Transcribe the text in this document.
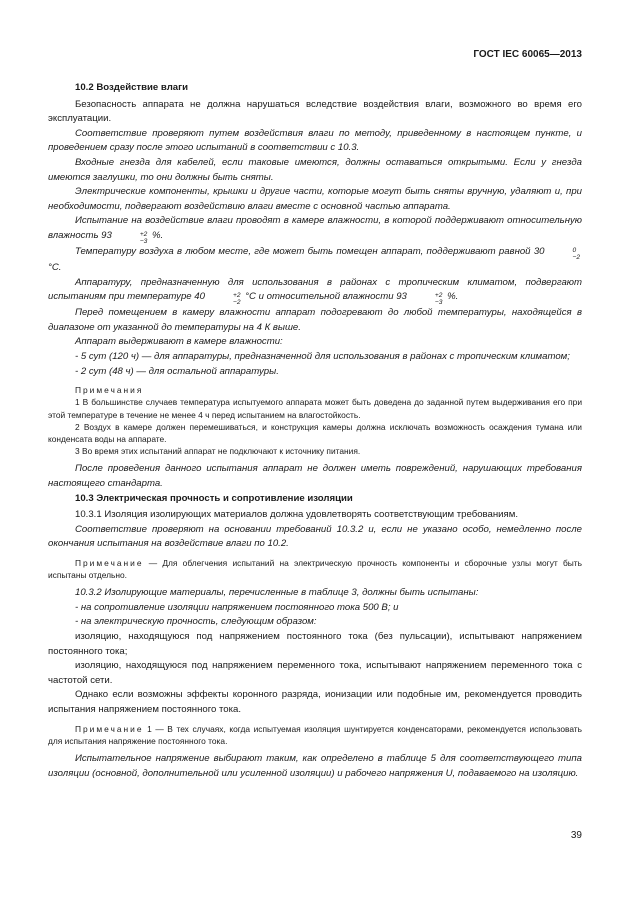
ГОСТ IEC 60065—2013

10.2 Воздействие влаги

Безопасность аппарата не должна нарушаться вследствие воздействия влаги, возможного во время его эксплуатации.

Соответствие проверяют путем воздействия влаги по методу, приведенному в настоящем пункте, и проведением сразу после этого испытаний в соответствии с 10.3.

Входные гнезда для кабелей, если таковые имеются, должны оставаться открытыми. Если у гнезда имеются заглушки, то они должны быть сняты.

Электрические компоненты, крышки и другие части, которые могут быть сняты вручную, удаляют и, при необходимости, подвергают воздействию влаги вместе с основной частью аппарата.

Испытание на воздействие влаги проводят в камере влажности, в которой поддерживают относительную влажность 93	+2
−3
%.

Температуру воздуха в любом месте, где может быть помещен аппарат, поддерживают равной 30	0
−2
°С.

Аппаратуру, предназначенную для использования в районах с тропическим климатом, подвергают испытаниям при температуре 40	+2
−2
°С и относительной влажности 93	+2
−3
%.

Перед помещением в камеру влажности аппарат подогревают до любой температуры, находящейся в диапазоне от указанной до температуры на 4 К выше.

Аппарат выдерживают в камере влажности:

- 5 сут (120 ч) — для аппаратуры, предназначенной для использования в районах с тропическим климатом;

- 2 сут (48 ч) — для остальной аппаратуры.

Примечания

1 В большинстве случаев температура испытуемого аппарата может быть доведена до заданной путем выдерживания его при этой температуре в течение не менее 4 ч перед испытанием на влагостойкость.

2 Воздух в камере должен перемешиваться, и конструкция камеры должна исключать возможность осаждения тумана или конденсата воды на аппарате.

3 Во время этих испытаний аппарат не подключают к источнику питания.

После проведения данного испытания аппарат не должен иметь повреждений, нарушающих требования настоящего стандарта.

10.3 Электрическая прочность и сопротивление изоляции

10.3.1 Изоляция изолирующих материалов должна удовлетворять соответствующим требованиям.

Соответствие проверяют на основании требований 10.3.2 и, если не указано особо, немедленно после окончания испытания на воздействие влаги по 10.2.

Примечание — Для облегчения испытаний на электрическую прочность компоненты и сборочные узлы могут быть испытаны отдельно.

10.3.2 Изолирующие материалы, перечисленные в таблице 3, должны быть испытаны:

- на сопротивление изоляции напряжением постоянного тока 500 В; и

- на электрическую прочность, следующим образом:

изоляцию, находящуюся под напряжением постоянного тока (без пульсации), испытывают напряжением постоянного тока;

изоляцию, находящуюся под напряжением переменного тока, испытывают напряжением переменного тока с частотой сети.

Однако если возможны эффекты коронного разряда, ионизации или подобные им, рекомендуется проводить испытания напряжением постоянного тока.

Примечание 1 — В тех случаях, когда испытуемая изоляция шунтируется конденсаторами, рекомендуется использовать для испытания напряжение постоянного тока.

Испытательное напряжение выбирают таким, как определено в таблице 5 для соответствующего типа изоляции (основной, дополнительной или усиленной изоляции) и рабочего напряжения U, подаваемого на изоляцию.

39
